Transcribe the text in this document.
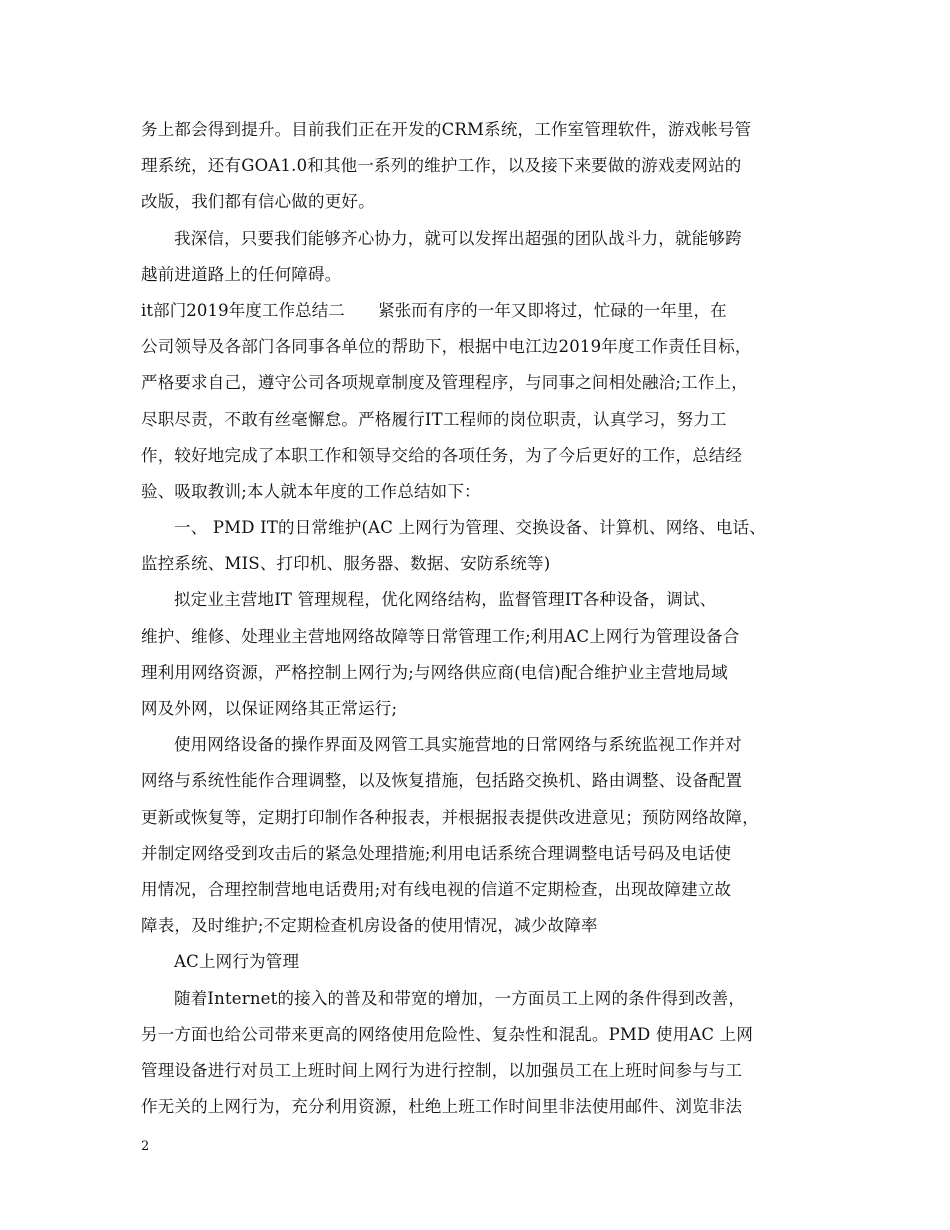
务上都会得到提升。目前我们正在开发的CRM系统，工作室管理软件，游戏帐号管
理系统，还有GOA1.0和其他一系列的维护工作，以及接下来要做的游戏麦网站的
改版，我们都有信心做的更好。
我深信，只要我们能够齐心协力，就可以发挥出超强的团队战斗力，就能够跨
越前进道路上的任何障碍。
it部门2019年度工作总结二　　紧张而有序的一年又即将过，忙碌的一年里，在
公司领导及各部门各同事各单位的帮助下，根据中电江边2019年度工作责任目标，
严格要求自己，遵守公司各项规章制度及管理程序，与同事之间相处融洽;工作上，
尽职尽责，不敢有丝毫懈怠。严格履行IT工程师的岗位职责，认真学习，努力工
作，较好地完成了本职工作和领导交给的各项任务，为了今后更好的工作，总结经
验、吸取教训;本人就本年度的工作总结如下：
一、 PMD IT的日常维护(AC 上网行为管理、交换设备、计算机、网络、电话、
监控系统、MIS、打印机、服务器、数据、安防系统等)
拟定业主营地IT 管理规程，优化网络结构，监督管理IT各种设备，调试、
维护、维修、处理业主营地网络故障等日常管理工作;利用AC上网行为管理设备合
理利用网络资源，严格控制上网行为;与网络供应商(电信)配合维护业主营地局域
网及外网，以保证网络其正常运行;
使用网络设备的操作界面及网管工具实施营地的日常网络与系统监视工作并对
网络与系统性能作合理调整，以及恢复措施，包括路交换机、路由调整、设备配置
更新或恢复等，定期打印制作各种报表，并根据报表提供改进意见；预防网络故障，
并制定网络受到攻击后的紧急处理措施;利用电话系统合理调整电话号码及电话使
用情况，合理控制营地电话费用;对有线电视的信道不定期检查，出现故障建立故
障表，及时维护;不定期检查机房设备的使用情况，减少故障率
AC上网行为管理
随着Internet的接入的普及和带宽的增加，一方面员工上网的条件得到改善，
另一方面也给公司带来更高的网络使用危险性、复杂性和混乱。PMD 使用AC 上网
管理设备进行对员工上班时间上网行为进行控制，以加强员工在上班时间参与与工
作无关的上网行为，充分利用资源，杜绝上班工作时间里非法使用邮件、浏览非法
2
